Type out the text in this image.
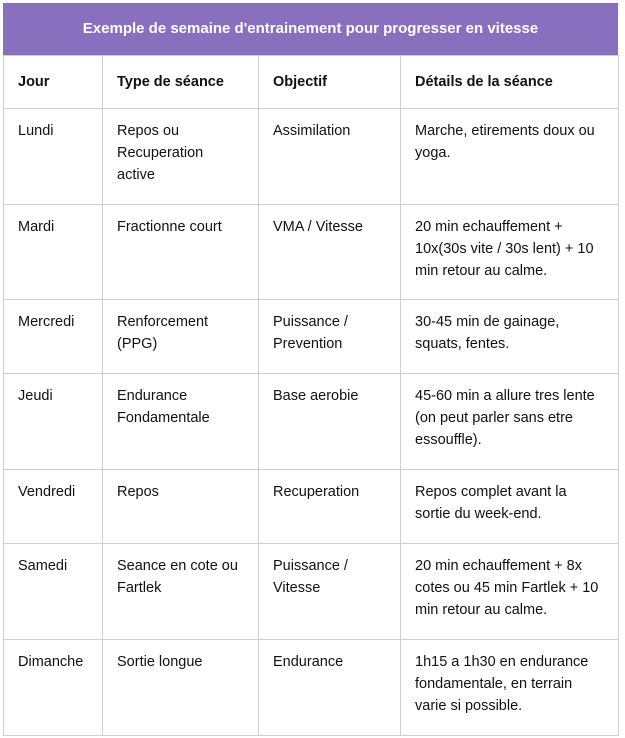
Exemple de semaine d'entrainement pour progresser en vitesse
Jour	Type de séance	Objectif	Détails de la séance
Lundi	Repos ou Recuperation active	Assimilation	Marche, etirements doux ou yoga.
Mardi	Fractionne court	VMA / Vitesse	20 min echauffement + 10x(30s vite / 30s lent) + 10 min retour au calme.
Mercredi	Renforcement (PPG)	Puissance / Prevention	30-45 min de gainage, squats, fentes.
Jeudi	Endurance Fondamentale	Base aerobie	45-60 min a allure tres lente (on peut parler sans etre essouffle).
Vendredi	Repos	Recuperation	Repos complet avant la sortie du week-end.
Samedi	Seance en cote ou Fartlek	Puissance / Vitesse	20 min echauffement + 8x cotes ou 45 min Fartlek + 10 min retour au calme.
Dimanche	Sortie longue	Endurance	1h15 a 1h30 en endurance fondamentale, en terrain varie si possible.
